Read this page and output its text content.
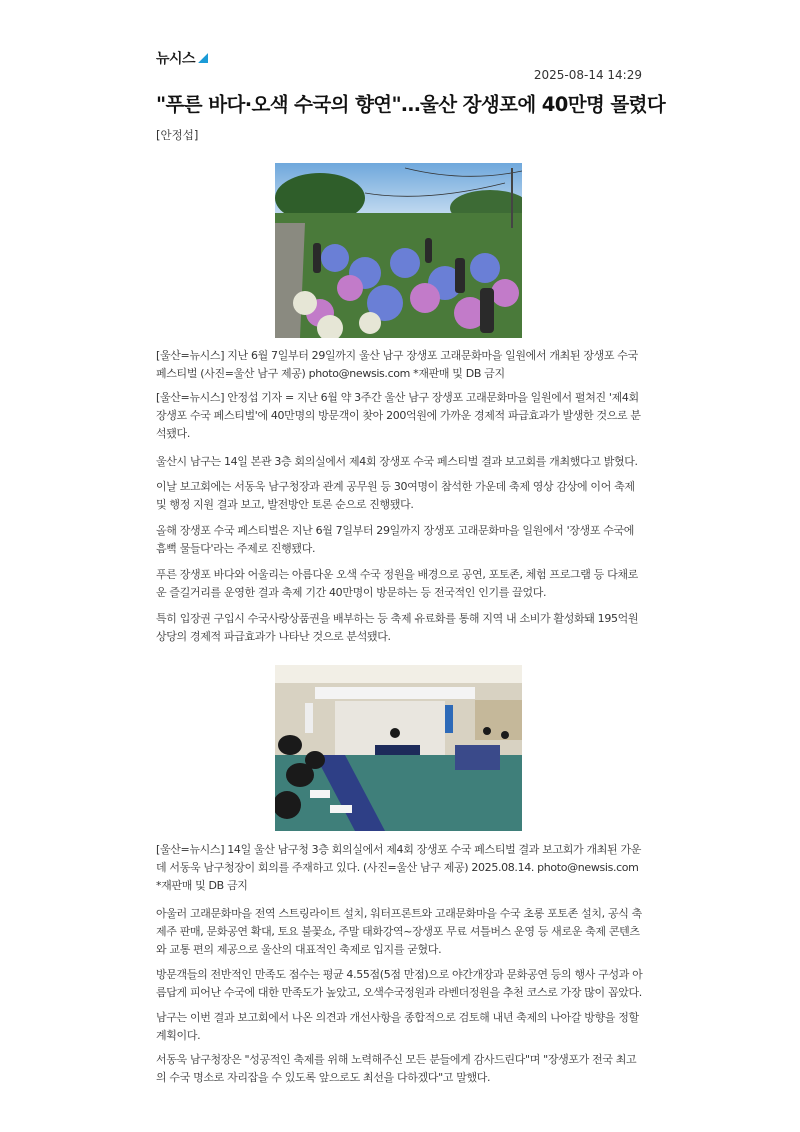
뉴시스
2025-08-14 14:29
"푸른 바다·오색 수국의 향연"…울산 장생포에 40만명 몰렸다
[안정섭]

[울산=뉴시스] 지난 6월 7일부터 29일까지 울산 남구 장생포 고래문화마을 일원에서 개최된 장생포 수국 페스티벌 (사진=울산 남구 제공) photo@newsis.com *재판매 및 DB 금지

[울산=뉴시스] 안정섭 기자 = 지난 6월 약 3주간 울산 남구 장생포 고래문화마을 일원에서 펼쳐진 '제4회 장생포 수국 페스티벌'에 40만명의 방문객이 찾아 200억원에 가까운 경제적 파급효과가 발생한 것으로 분석됐다.

울산시 남구는 14일 본관 3층 회의실에서 제4회 장생포 수국 페스티벌 결과 보고회를 개최했다고 밝혔다.

이날 보고회에는 서동욱 남구청장과 관계 공무원 등 30여명이 참석한 가운데 축제 영상 감상에 이어 축제 및 행정 지원 결과 보고, 발전방안 토론 순으로 진행됐다.

올해 장생포 수국 페스티벌은 지난 6월 7일부터 29일까지 장생포 고래문화마을 일원에서 '장생포 수국에 흠뻑 물들다'라는 주제로 진행됐다.

푸른 장생포 바다와 어울리는 아름다운 오색 수국 정원을 배경으로 공연, 포토존, 체험 프로그램 등 다채로운 즐길거리를 운영한 결과 축제 기간 40만명이 방문하는 등 전국적인 인기를 끌었다.

특히 입장권 구입시 수국사랑상품권을 배부하는 등 축제 유료화를 통해 지역 내 소비가 활성화돼 195억원 상당의 경제적 파급효과가 나타난 것으로 분석됐다.

[울산=뉴시스] 14일 울산 남구청 3층 회의실에서 제4회 장생포 수국 페스티벌 결과 보고회가 개최된 가운데 서동욱 남구청장이 회의를 주재하고 있다. (사진=울산 남구 제공) 2025.08.14. photo@newsis.com *재판매 및 DB 금지

아울러 고래문화마을 전역 스트링라이트 설치, 워터프론트와 고래문화마을 수국 초롱 포토존 설치, 공식 축제주 판매, 문화공연 확대, 토요 불꽃쇼, 주말 태화강역~장생포 무료 셔틀버스 운영 등 새로운 축제 콘텐츠와 교통 편의 제공으로 울산의 대표적인 축제로 입지를 굳혔다.

방문객들의 전반적인 만족도 점수는 평균 4.55점(5점 만점)으로 야간개장과 문화공연 등의 행사 구성과 아름답게 피어난 수국에 대한 만족도가 높았고, 오색수국정원과 라벤더정원을 추천 코스로 가장 많이 꼽았다.

남구는 이번 결과 보고회에서 나온 의견과 개선사항을 종합적으로 검토해 내년 축제의 나아갈 방향을 정할 계획이다.

서동욱 남구청장은 "성공적인 축제를 위해 노력해주신 모든 분들에게 감사드린다"며 "장생포가 전국 최고의 수국 명소로 자리잡을 수 있도록 앞으로도 최선을 다하겠다"고 말했다.
